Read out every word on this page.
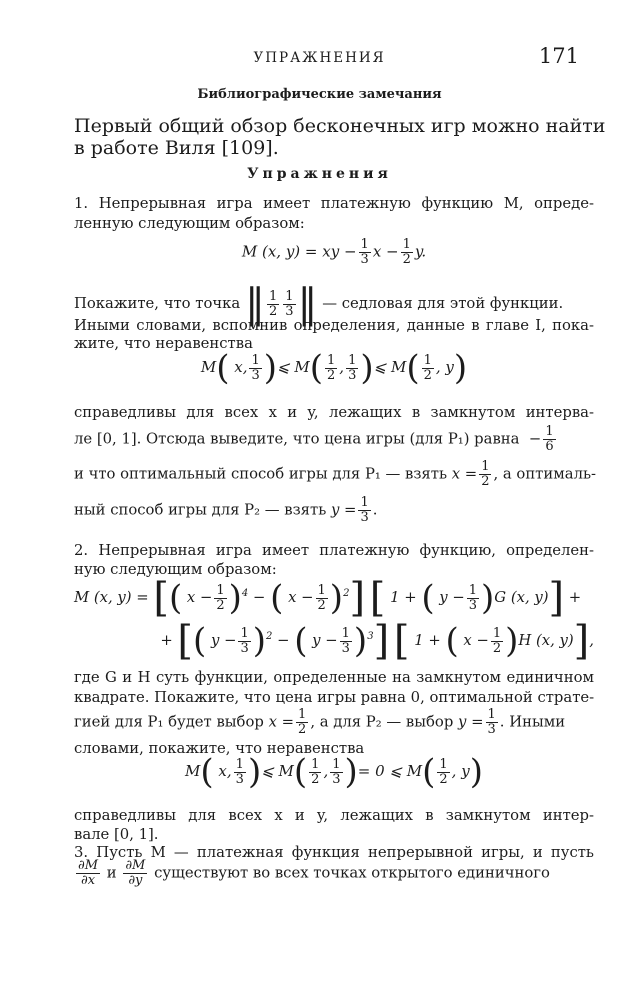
УПРАЖНЕНИЯ	171
Библиографические замечания
Первый общий обзор бесконечных игр можно найти
в работе Виля [109].
Упражнения
1. Непрерывная игра имеет платежную функцию M, опреде-
ленную следующим образом:
M (x, y) = xy − $\frac{1}{3}$ $x - \frac{1}{2} y$.
Покажите, что точка ‖ $\frac{1}{2} \frac{1}{3}$ ‖ — седловая для этой функции.
Иными словами, вспомнив определения, данные в главе I, пока-
жите, что неравенства
M( x, $\frac{1}{3}$ )⩽ $M( \frac{1}{2}$ , $\frac{1}{3}$ )⩽ $M( \frac{1}{2}$ , y)
справедливы для всех x и y, лежащих в замкнутом интерва-
ле [0, 1]. Отсюда выведите, что цена игры (для P₁) равна  − $\frac{1}{6}$
и что оптимальный способ игры для P₁ — взять $x = \frac{1}{2}$ , а оптималь-
ный способ игры для P₂ — взять $y = \frac{1}{3}$ .
2. Непрерывная игра имеет платежную функцию, определен-
ную следующим образом:
M (x, y) = [( $x - \frac{1}{2} )^4$ − ( $x - \frac{1}{2} )^2$] [ 1 + ( $y - \frac{1}{3} )G$ (x, y)] +
+ [( $y - \frac{1}{3} )^2$ − ( $y - \frac{1}{3} )^3$] [ 1 + ( $x - \frac{1}{2} )H$ (x, y)],
где G и H суть функции, определенные на замкнутом единичном
квадрате. Покажите, что цена игры равна 0, оптимальной страте-
гией для P₁ будет выбор $x = \frac{1}{2}$ , а для P₂ — выбор $y = \frac{1}{3}$ . Иными
словами, покажите, что неравенства
M( x, $\frac{1}{3}$ )⩽ $M( \frac{1}{2}$ , $\frac{1}{3}$ )= 0 ⩽ $M( \frac{1}{2}$ , y)
справедливы для всех x и y, лежащих в замкнутом интер-
вале [0, 1].
3. Пусть M — платежная функция непрерывной игры, и пусть
$\frac{\partial M}{\partial x}$ и $\frac{\partial M}{\partial y}$ существуют во всех точках открытого единичного
